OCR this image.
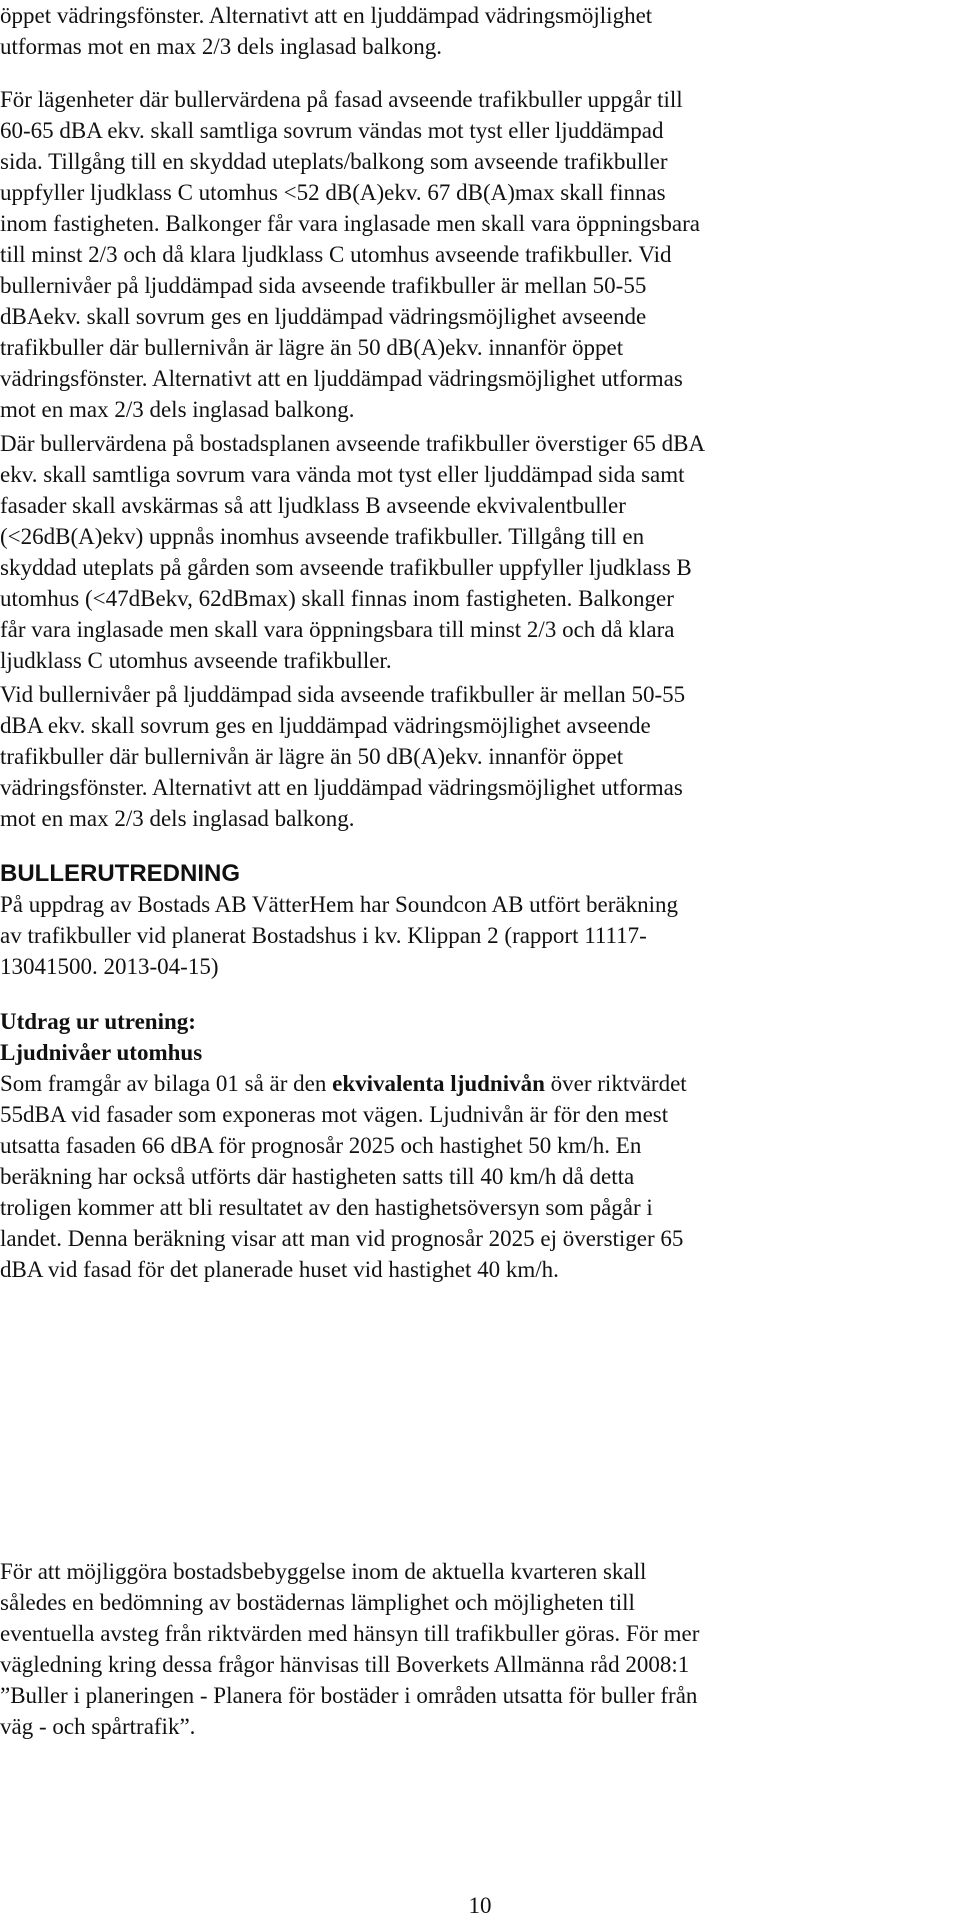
öppet vädringsfönster. Alternativt att en ljuddämpad vädringsmöjlighet
utformas mot en max 2/3 dels inglasad balkong.
För lägenheter där bullervärdena på fasad avseende trafikbuller uppgår till
60-65 dBA ekv. skall samtliga sovrum vändas mot tyst eller ljuddämpad
sida. Tillgång till en skyddad uteplats/balkong som avseende trafikbuller
uppfyller ljudklass C utomhus <52 dB(A)ekv. 67 dB(A)max skall finnas
inom fastigheten. Balkonger får vara inglasade men skall vara öppningsbara
till minst 2/3 och då klara ljudklass C utomhus avseende trafikbuller. Vid
bullernivåer på ljuddämpad sida avseende trafikbuller är mellan 50-55
dBAekv. skall sovrum ges en ljuddämpad vädringsmöjlighet avseende
trafikbuller där bullernivån är lägre än 50 dB(A)ekv. innanför öppet
vädringsfönster. Alternativt att en ljuddämpad vädringsmöjlighet utformas
mot en max 2/3 dels inglasad balkong.
Där bullervärdena på bostadsplanen avseende trafikbuller överstiger 65 dBA
ekv. skall samtliga sovrum vara vända mot tyst eller ljuddämpad sida samt
fasader skall avskärmas så att ljudklass B avseende ekvivalentbuller
(<26dB(A)ekv) uppnås inomhus avseende trafikbuller. Tillgång till en
skyddad uteplats på gården som avseende trafikbuller uppfyller ljudklass B
utomhus (<47dBekv, 62dBmax) skall finnas inom fastigheten. Balkonger
får vara inglasade men skall vara öppningsbara till minst 2/3 och då klara
ljudklass C utomhus avseende trafikbuller.
Vid bullernivåer på ljuddämpad sida avseende trafikbuller är mellan 50-55
dBA ekv. skall sovrum ges en ljuddämpad vädringsmöjlighet avseende
trafikbuller där bullernivån är lägre än 50 dB(A)ekv. innanför öppet
vädringsfönster. Alternativt att en ljuddämpad vädringsmöjlighet utformas
mot en max 2/3 dels inglasad balkong.
BULLERUTREDNING
På uppdrag av Bostads AB VätterHem har Soundcon AB utfört beräkning
av trafikbuller vid planerat Bostadshus i kv. Klippan 2 (rapport 11117-
13041500. 2013-04-15)
Utdrag ur utrening:
Ljudnivåer utomhus
Som framgår av bilaga 01 så är den ekvivalenta ljudnivån över riktvärdet
55dBA vid fasader som exponeras mot vägen. Ljudnivån är för den mest
utsatta fasaden 66 dBA för prognosår 2025 och hastighet 50 km/h. En
beräkning har också utförts där hastigheten satts till 40 km/h då detta
troligen kommer att bli resultatet av den hastighetsöversyn som pågår i
landet. Denna beräkning visar att man vid prognosår 2025 ej överstiger 65
dBA vid fasad för det planerade huset vid hastighet 40 km/h.
För att möjliggöra bostadsbebyggelse inom de aktuella kvarteren skall
således en bedömning av bostädernas lämplighet och möjligheten till
eventuella avsteg från riktvärden med hänsyn till trafikbuller göras. För mer
vägledning kring dessa frågor hänvisas till Boverkets Allmänna råd 2008:1
”Buller i planeringen - Planera för bostäder i områden utsatta för buller från
väg - och spårtrafik”.
10
